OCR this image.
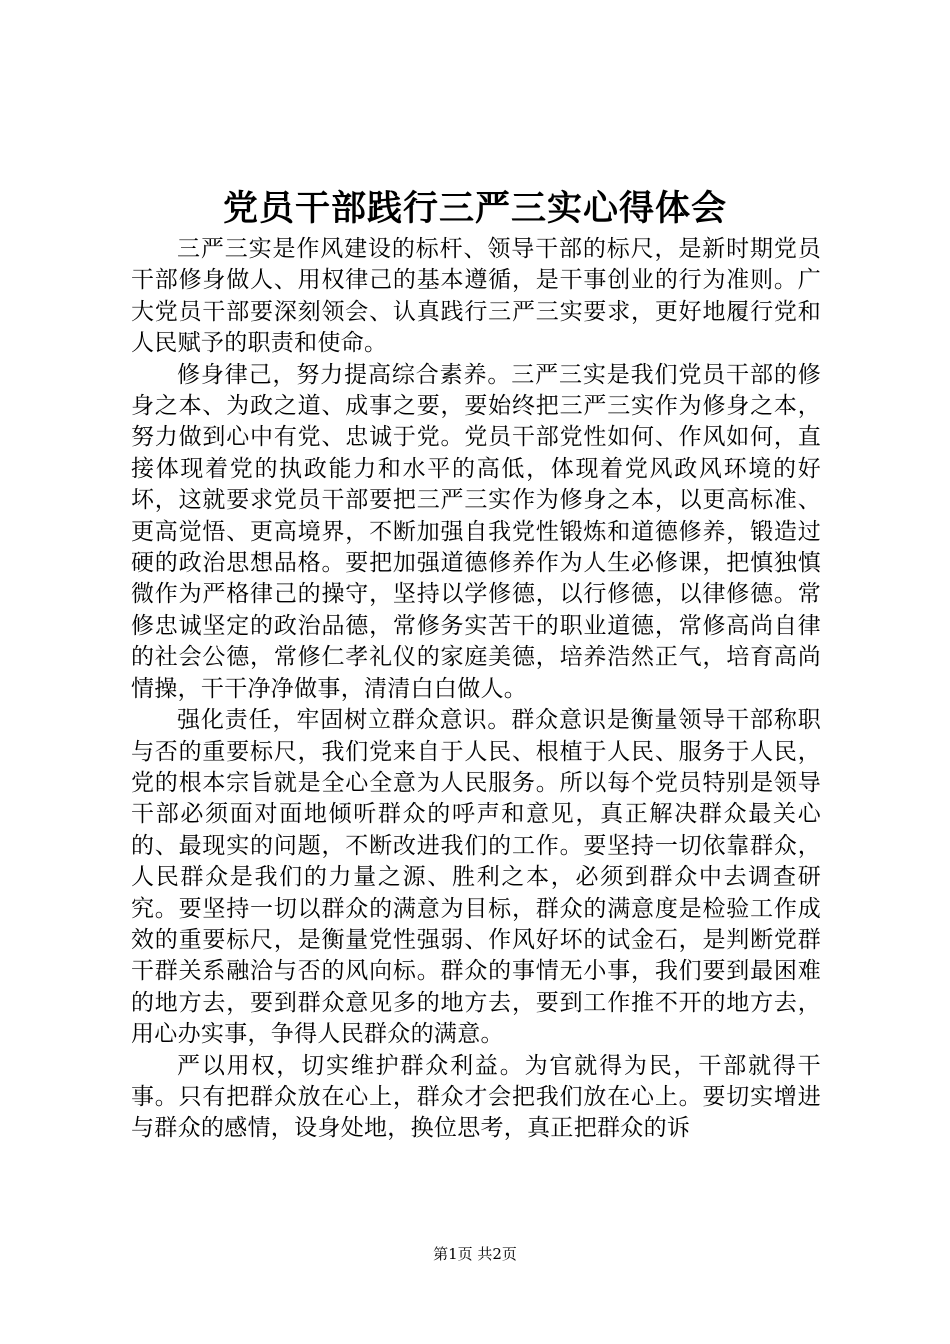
党员干部践行三严三实心得体会

三严三实是作风建设的标杆、领导干部的标尺，是新时期党员干部修身做人、用权律己的基本遵循，是干事创业的行为准则。广大党员干部要深刻领会、认真践行三严三实要求，更好地履行党和人民赋予的职责和使命。

修身律己，努力提高综合素养。三严三实是我们党员干部的修身之本、为政之道、成事之要，要始终把三严三实作为修身之本，努力做到心中有党、忠诚于党。党员干部党性如何、作风如何，直接体现着党的执政能力和水平的高低，体现着党风政风环境的好坏，这就要求党员干部要把三严三实作为修身之本，以更高标准、更高觉悟、更高境界，不断加强自我党性锻炼和道德修养，锻造过硬的政治思想品格。要把加强道德修养作为人生必修课，把慎独慎微作为严格律己的操守，坚持以学修德，以行修德，以律修德。常修忠诚坚定的政治品德，常修务实苦干的职业道德，常修高尚自律的社会公德，常修仁孝礼仪的家庭美德，培养浩然正气，培育高尚情操，干干净净做事，清清白白做人。

强化责任，牢固树立群众意识。群众意识是衡量领导干部称职与否的重要标尺，我们党来自于人民、根植于人民、服务于人民，党的根本宗旨就是全心全意为人民服务。所以每个党员特别是领导干部必须面对面地倾听群众的呼声和意见，真正解决群众最关心的、最现实的问题，不断改进我们的工作。要坚持一切依靠群众，人民群众是我们的力量之源、胜利之本，必须到群众中去调查研究。要坚持一切以群众的满意为目标，群众的满意度是检验工作成效的重要标尺，是衡量党性强弱、作风好坏的试金石，是判断党群干群关系融洽与否的风向标。群众的事情无小事，我们要到最困难的地方去，要到群众意见多的地方去，要到工作推不开的地方去，用心办实事，争得人民群众的满意。

严以用权，切实维护群众利益。为官就得为民，干部就得干事。只有把群众放在心上，群众才会把我们放在心上。要切实增进与群众的感情，设身处地，换位思考，真正把群众的诉

第1页 共2页
